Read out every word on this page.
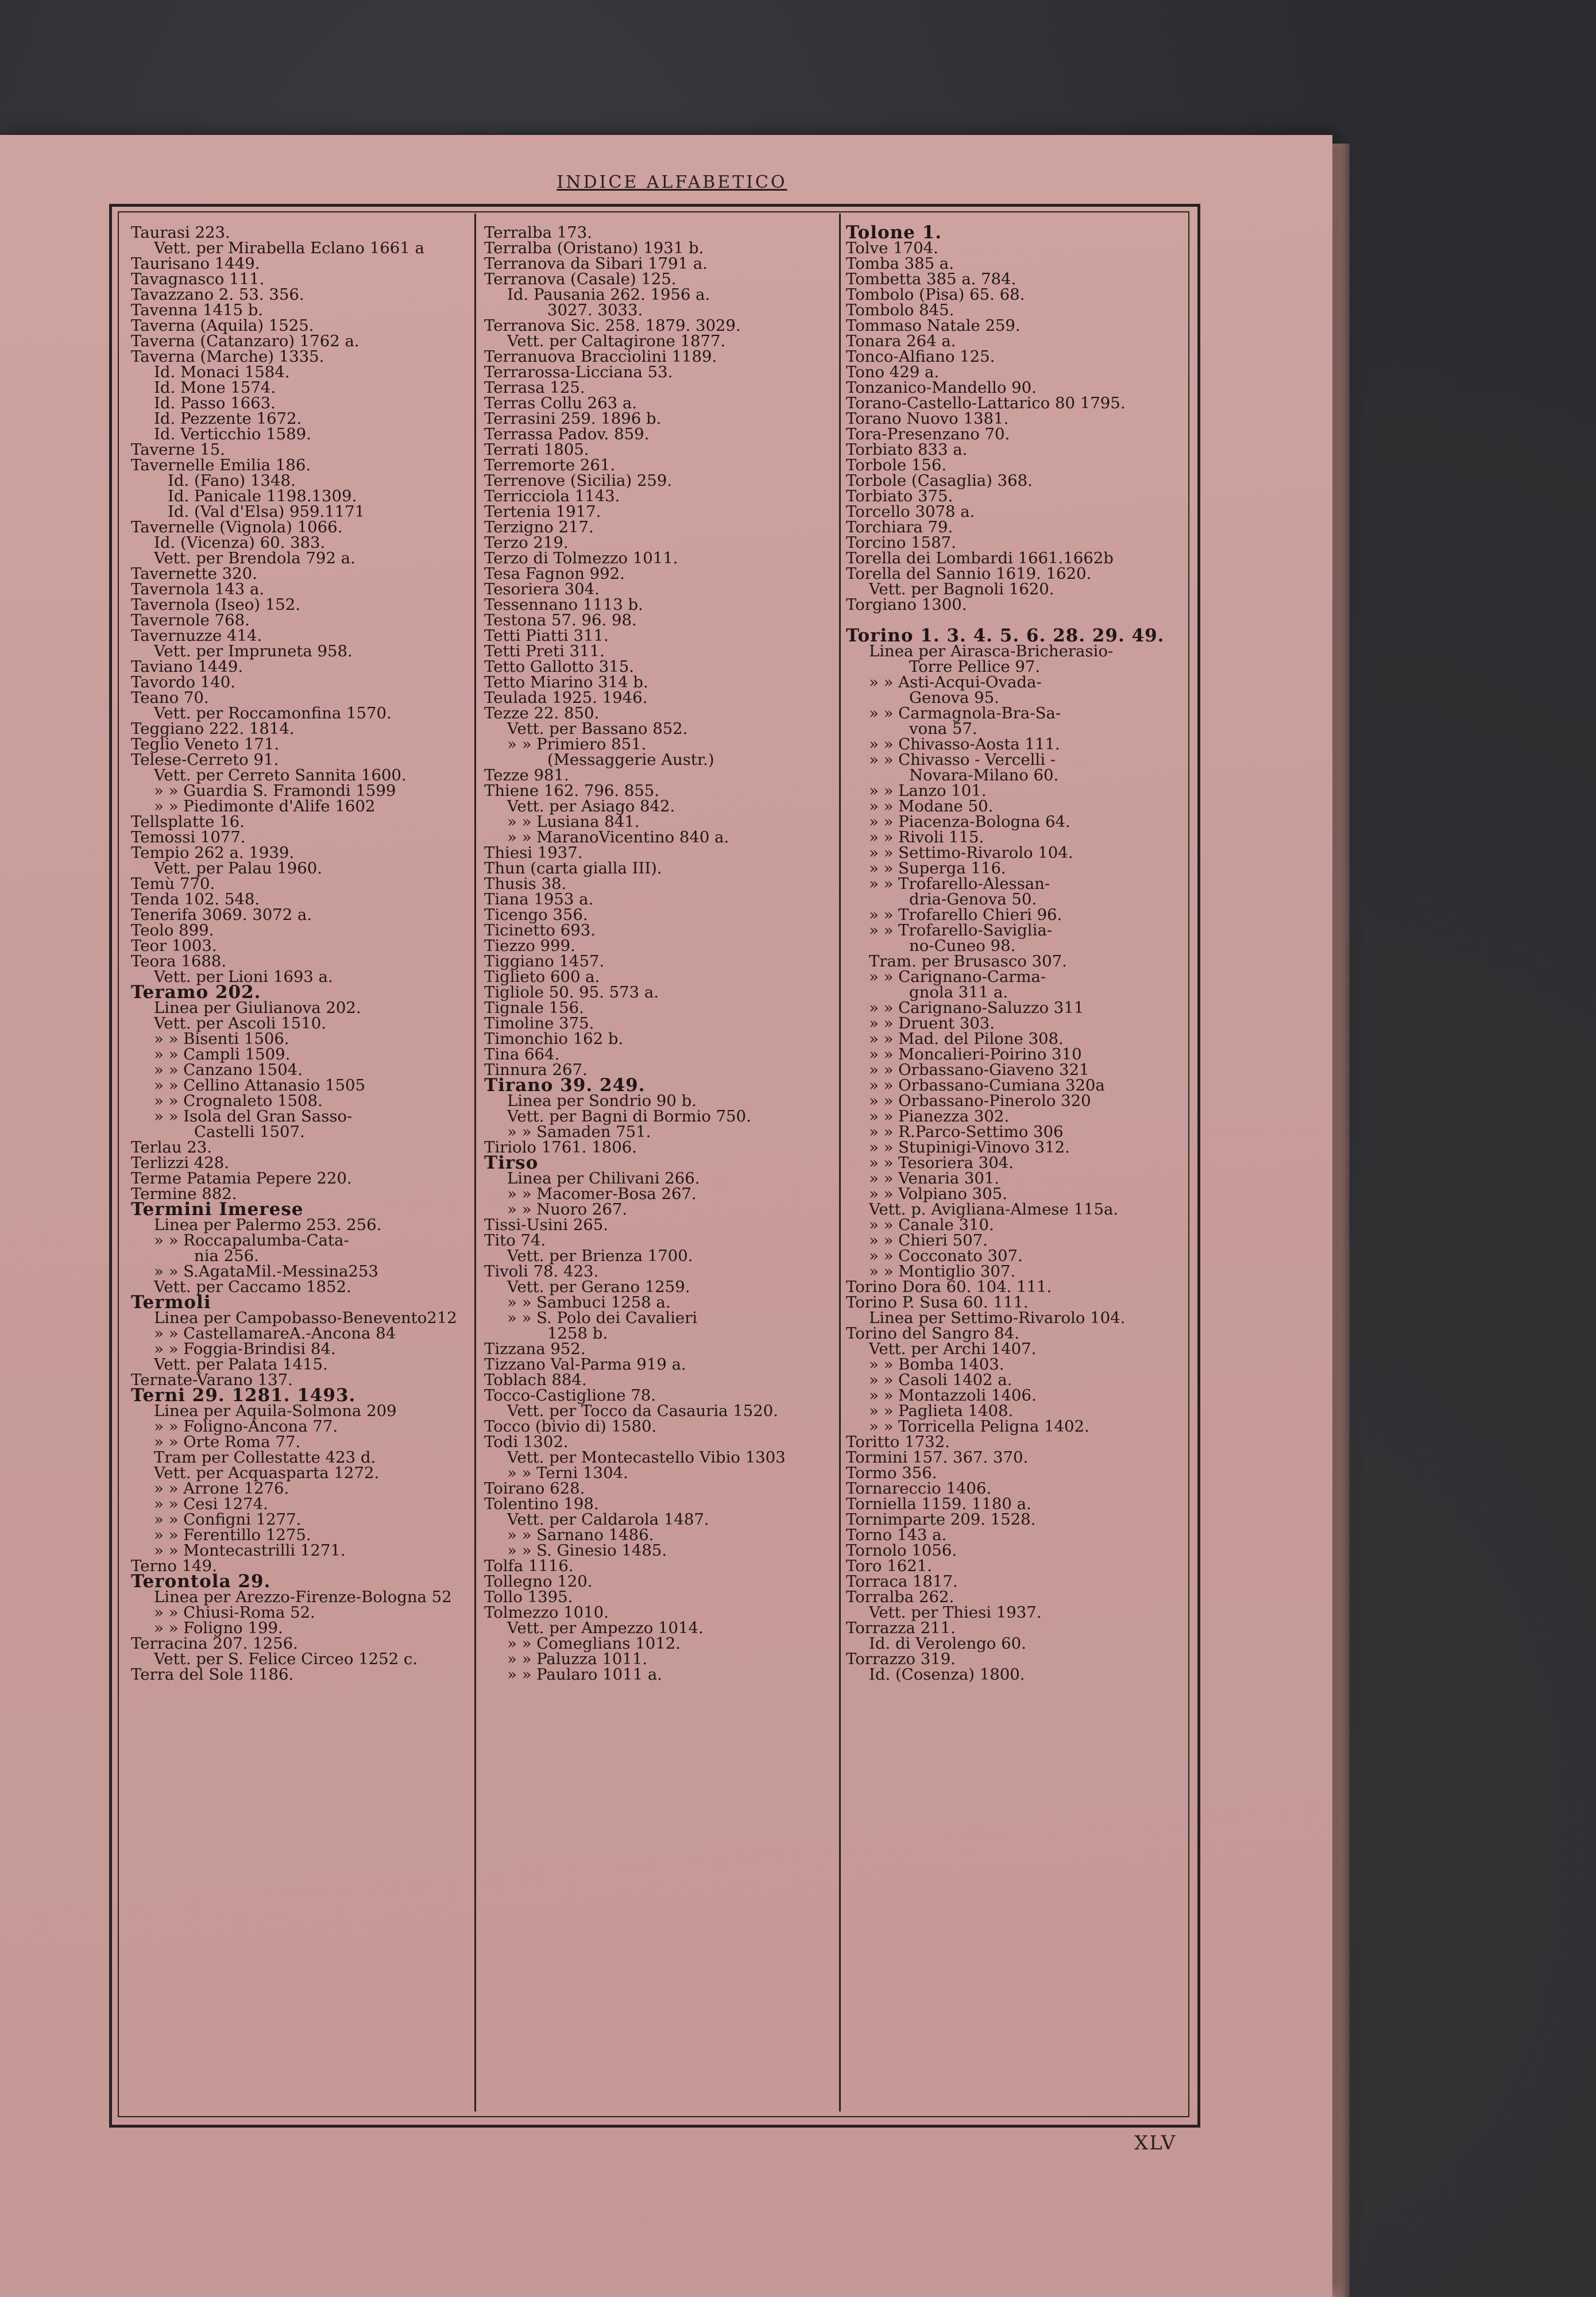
INDICE ALFABETICO
Taurasi 223.
Vett. per Mirabella Eclano 1661 a
Taurisano 1449.
Tavagnasco 111.
Tavazzano 2. 53. 356.
Tavenna 1415 b.
Taverna (Aquila) 1525.
Taverna (Catanzaro) 1762 a.
Taverna (Marche) 1335.
Id. Monaci 1584.
Id. Mone 1574.
Id. Passo 1663.
Id. Pezzente 1672.
Id. Verticchio 1589.
Taverne 15.
Tavernelle Emilia 186.
Id. (Fano) 1348.
Id. Panicale 1198.1309.
Id. (Val d'Elsa) 959.1171
Tavernelle (Vignola) 1066.
Id. (Vicenza) 60. 383.
Vett. per Brendola 792 a.
Tavernette 320.
Tavernola 143 a.
Tavernola (Iseo) 152.
Tavernole 768.
Tavernuzze 414.
Vett. per Impruneta 958.
Taviano 1449.
Tavordo 140.
Teano 70.
Vett. per Roccamonfina 1570.
Teggiano 222. 1814.
Teglio Veneto 171.
Telese-Cerreto 91.
Vett. per Cerreto Sannita 1600.
» » Guardia S. Framondi 1599
» » Piedimonte d'Alife 1602
Tellsplatte 16.
Temossi 1077.
Tempio 262 a. 1939.
Vett. per Palau 1960.
Temù 770.
Tenda 102. 548.
Tenerifa 3069. 3072 a.
Teolo 899.
Teor 1003.
Teora 1688.
Vett. per Lioni 1693 a.
Teramo 202.
Linea per Giulianova 202.
Vett. per Ascoli 1510.
» » Bisenti 1506.
» » Campli 1509.
» » Canzano 1504.
» » Cellino Attanasio 1505
» » Crognaleto 1508.
» » Isola del Gran Sasso-
Castelli 1507.
Terlau 23.
Terlizzi 428.
Terme Patamia Pepere 220.
Termine 882.
Termini Imerese
Linea per Palermo 253. 256.
» » Roccapalumba-Cata-
nia 256.
» » S.AgataMil.-Messina253
Vett. per Caccamo 1852.
Termoli
Linea per Campobasso-Benevento212
» » CastellamareA.-Ancona 84
» » Foggia-Brindisi 84.
Vett. per Palata 1415.
Ternate-Varano 137.
Terni 29. 1281. 1493.
Linea per Aquila-Solmona 209
» » Foligno-Ancona 77.
» » Orte Roma 77.
Tram per Collestatte 423 d.
Vett. per Acquasparta 1272.
» » Arrone 1276.
» » Cesi 1274.
» » Configni 1277.
» » Ferentillo 1275.
» » Montecastrilli 1271.
Terno 149.
Terontola 29.
Linea per Arezzo-Firenze-Bologna 52
» » Chiusi-Roma 52.
» » Foligno 199.
Terracina 207. 1256.
Vett. per S. Felice Circeo 1252 c.
Terra del Sole 1186.
Terralba 173.
Terralba (Oristano) 1931 b.
Terranova da Sibari 1791 a.
Terranova (Casale) 125.
Id. Pausania 262. 1956 a.
3027. 3033.
Terranova Sic. 258. 1879. 3029.
Vett. per Caltagirone 1877.
Terranuova Bracciolini 1189.
Terrarossa-Licciana 53.
Terrasa 125.
Terras Collu 263 a.
Terrasini 259. 1896 b.
Terrassa Padov. 859.
Terrati 1805.
Terremorte 261.
Terrenove (Sicilia) 259.
Terricciola 1143.
Tertenia 1917.
Terzigno 217.
Terzo 219.
Terzo di Tolmezzo 1011.
Tesa Fagnon 992.
Tesoriera 304.
Tessennano 1113 b.
Testona 57. 96. 98.
Tetti Piatti 311.
Tetti Preti 311.
Tetto Gallotto 315.
Tetto Miarino 314 b.
Teulada 1925. 1946.
Tezze 22. 850.
Vett. per Bassano 852.
» » Primiero 851.
(Messaggerie Austr.)
Tezze 981.
Thiene 162. 796. 855.
Vett. per Asiago 842.
» » Lusiana 841.
» » MaranoVicentino 840 a.
Thiesi 1937.
Thun (carta gialla III).
Thusis 38.
Tiana 1953 a.
Ticengo 356.
Ticinetto 693.
Tiezzo 999.
Tiggiano 1457.
Tiglieto 600 a.
Tigliole 50. 95. 573 a.
Tignale 156.
Timoline 375.
Timonchio 162 b.
Tina 664.
Tinnura 267.
Tirano 39. 249.
Linea per Sondrio 90 b.
Vett. per Bagni di Bormio 750.
» » Samaden 751.
Tiriolo 1761. 1806.
Tirso
Linea per Chilivani 266.
» » Macomer-Bosa 267.
» » Nuoro 267.
Tissi-Usini 265.
Tito 74.
Vett. per Brienza 1700.
Tivoli 78. 423.
Vett. per Gerano 1259.
» » Sambuci 1258 a.
» » S. Polo dei Cavalieri
1258 b.
Tizzana 952.
Tizzano Val-Parma 919 a.
Toblach 884.
Tocco-Castiglione 78.
Vett. per Tocco da Casauria 1520.
Tocco (bivio di) 1580.
Todi 1302.
Vett. per Montecastello Vibio 1303
» » Terni 1304.
Toirano 628.
Tolentino 198.
Vett. per Caldarola 1487.
» » Sarnano 1486.
» » S. Ginesio 1485.
Tolfa 1116.
Tollegno 120.
Tollo 1395.
Tolmezzo 1010.
Vett. per Ampezzo 1014.
» » Comeglians 1012.
» » Paluzza 1011.
» » Paularo 1011 a.
Tolone 1.
Tolve 1704.
Tomba 385 a.
Tombetta 385 a. 784.
Tombolo (Pisa) 65. 68.
Tombolo 845.
Tommaso Natale 259.
Tonara 264 a.
Tonco-Alfiano 125.
Tono 429 a.
Tonzanico-Mandello 90.
Torano-Castello-Lattarico 80 1795.
Torano Nuovo 1381.
Tora-Presenzano 70.
Torbiato 833 a.
Torbole 156.
Torbole (Casaglia) 368.
Torbiato 375.
Torcello 3078 a.
Torchiara 79.
Torcino 1587.
Torella dei Lombardi 1661.1662b
Torella del Sannio 1619. 1620.
Vett. per Bagnoli 1620.
Torgiano 1300.
Torino 1. 3. 4. 5. 6. 28. 29. 49.
Linea per Airasca-Bricherasio-
Torre Pellice 97.
» » Asti-Acqui-Ovada-
Genova 95.
» » Carmagnola-Bra-Sa-
vona 57.
» » Chivasso-Aosta 111.
» » Chivasso - Vercelli -
Novara-Milano 60.
» » Lanzo 101.
» » Modane 50.
» » Piacenza-Bologna 64.
» » Rivoli 115.
» » Settimo-Rivarolo 104.
» » Superga 116.
» » Trofarello-Alessan-
dria-Genova 50.
» » Trofarello Chieri 96.
» » Trofarello-Saviglia-
no-Cuneo 98.
Tram. per Brusasco 307.
» » Carignano-Carma-
gnola 311 a.
» » Carignano-Saluzzo 311
» » Druent 303.
» » Mad. del Pilone 308.
» » Moncalieri-Poirino 310
» » Orbassano-Giaveno 321
» » Orbassano-Cumiana 320a
» » Orbassano-Pinerolo 320
» » Pianezza 302.
» » R.Parco-Settimo 306
» » Stupinigi-Vinovo 312.
» » Tesoriera 304.
» » Venaria 301.
» » Volpiano 305.
Vett. p. Avigliana-Almese 115a.
» » Canale 310.
» » Chieri 507.
» » Cocconato 307.
» » Montiglio 307.
Torino Dora 60. 104. 111.
Torino P. Susa 60. 111.
Linea per Settimo-Rivarolo 104.
Torino del Sangro 84.
Vett. per Archi 1407.
» » Bomba 1403.
» » Casoli 1402 a.
» » Montazzoli 1406.
» » Paglieta 1408.
» » Torricella Peligna 1402.
Toritto 1732.
Tormini 157. 367. 370.
Tormo 356.
Tornareccio 1406.
Torniella 1159. 1180 a.
Tornimparte 209. 1528.
Torno 143 a.
Tornolo 1056.
Toro 1621.
Torraca 1817.
Torralba 262.
Vett. per Thiesi 1937.
Torrazza 211.
Id. di Verolengo 60.
Torrazzo 319.
Id. (Cosenza) 1800.
XLV
